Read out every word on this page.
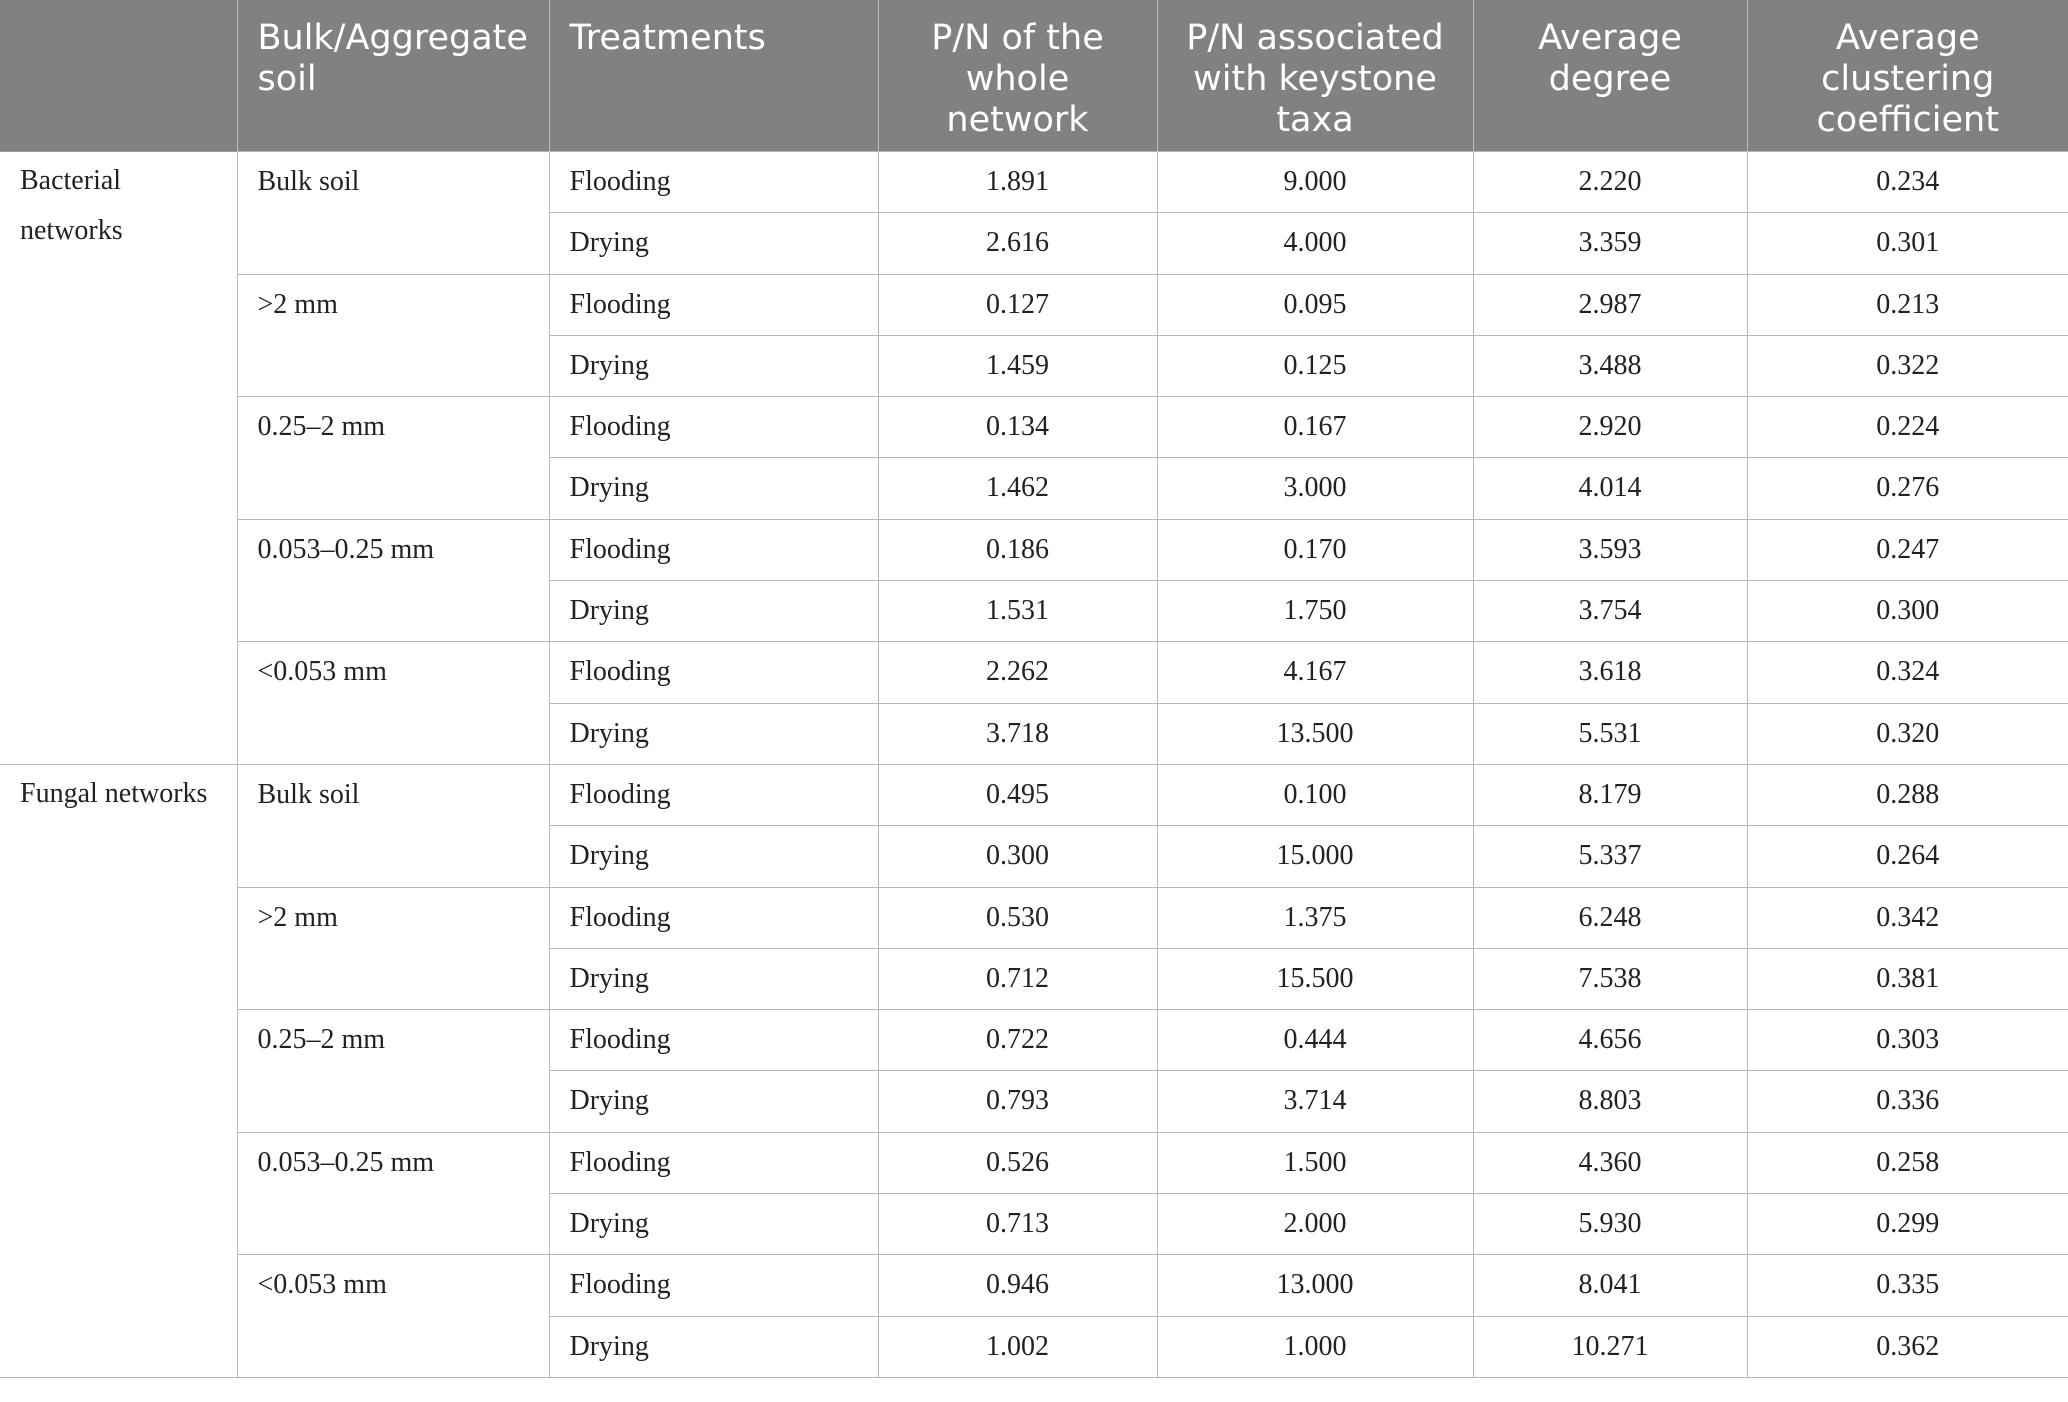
	Bulk/Aggregate soil	Treatments	P/N of the whole network	P/N associated with keystone taxa	Average degree	Average clustering coefficient
Bacterial networks	Bulk soil	Flooding	1.891	9.000	2.220	0.234
		Drying	2.616	4.000	3.359	0.301
	>2 mm	Flooding	0.127	0.095	2.987	0.213
		Drying	1.459	0.125	3.488	0.322
	0.25–2 mm	Flooding	0.134	0.167	2.920	0.224
		Drying	1.462	3.000	4.014	0.276
	0.053–0.25 mm	Flooding	0.186	0.170	3.593	0.247
		Drying	1.531	1.750	3.754	0.300
	<0.053 mm	Flooding	2.262	4.167	3.618	0.324
		Drying	3.718	13.500	5.531	0.320
Fungal networks	Bulk soil	Flooding	0.495	0.100	8.179	0.288
		Drying	0.300	15.000	5.337	0.264
	>2 mm	Flooding	0.530	1.375	6.248	0.342
		Drying	0.712	15.500	7.538	0.381
	0.25–2 mm	Flooding	0.722	0.444	4.656	0.303
		Drying	0.793	3.714	8.803	0.336
	0.053–0.25 mm	Flooding	0.526	1.500	4.360	0.258
		Drying	0.713	2.000	5.930	0.299
	<0.053 mm	Flooding	0.946	13.000	8.041	0.335
		Drying	1.002	1.000	10.271	0.362
